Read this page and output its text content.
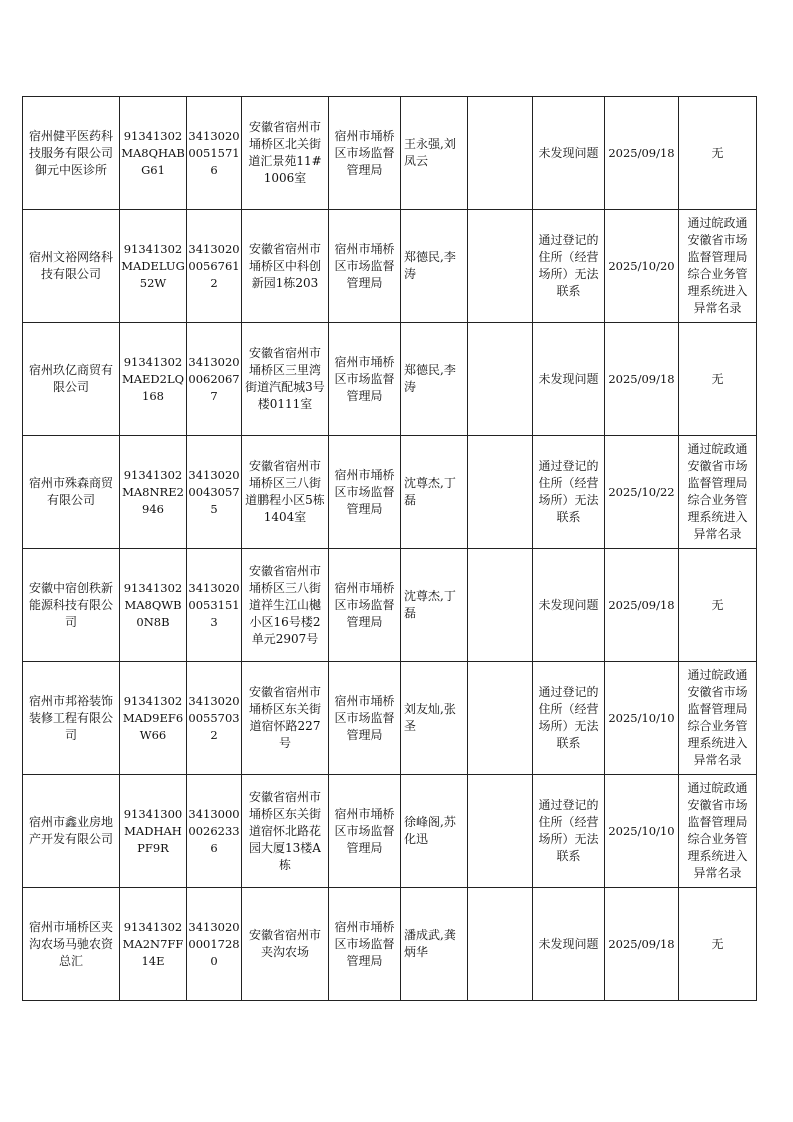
宿州健平医药科技服务有限公司御元中医诊所	91341302MA8QHABG61	341302000515716	安徽省宿州市埇桥区北关街道汇景苑11#1006室	宿州市埇桥区市场监督管理局	王永强,刘凤云		未发现问题	2025/09/18	无
宿州文裕网络科技有限公司	91341302MADELUG52W	341302000567612	安徽省宿州市埇桥区中科创新园1栋203	宿州市埇桥区市场监督管理局	郑德民,李涛		通过登记的住所（经营场所）无法联系	2025/10/20	通过皖政通安徽省市场监督管理局综合业务管理系统进入异常名录
宿州玖亿商贸有限公司	91341302MAED2LQ168	341302000620677	安徽省宿州市埇桥区三里湾街道汽配城3号楼0111室	宿州市埇桥区市场监督管理局	郑德民,李涛		未发现问题	2025/09/18	无
宿州市殊森商贸有限公司	91341302MA8NRE2946	341302000430575	安徽省宿州市埇桥区三八街道鹏程小区5栋1404室	宿州市埇桥区市场监督管理局	沈尊杰,丁磊		通过登记的住所（经营场所）无法联系	2025/10/22	通过皖政通安徽省市场监督管理局综合业务管理系统进入异常名录
安徽中宿创秩新能源科技有限公司	91341302MA8QWB0N8B	341302000531513	安徽省宿州市埇桥区三八街道祥生江山樾小区16号楼2单元2907号	宿州市埇桥区市场监督管理局	沈尊杰,丁磊		未发现问题	2025/09/18	无
宿州市邦裕装饰装修工程有限公司	91341302MAD9EF6W66	341302000557032	安徽省宿州市埇桥区东关街道宿怀路227号	宿州市埇桥区市场监督管理局	刘友灿,张圣		通过登记的住所（经营场所）无法联系	2025/10/10	通过皖政通安徽省市场监督管理局综合业务管理系统进入异常名录
宿州市鑫业房地产开发有限公司	91341300MADHAHPF9R	341300000262336	安徽省宿州市埇桥区东关街道宿怀北路花园大厦13楼A栋	宿州市埇桥区市场监督管理局	徐峰阁,苏化迅		通过登记的住所（经营场所）无法联系	2025/10/10	通过皖政通安徽省市场监督管理局综合业务管理系统进入异常名录
宿州市埇桥区夹沟农场马驰农资总汇	91341302MA2N7FF14E	341302000017280	安徽省宿州市夹沟农场	宿州市埇桥区市场监督管理局	潘成武,龚炳华		未发现问题	2025/09/18	无
